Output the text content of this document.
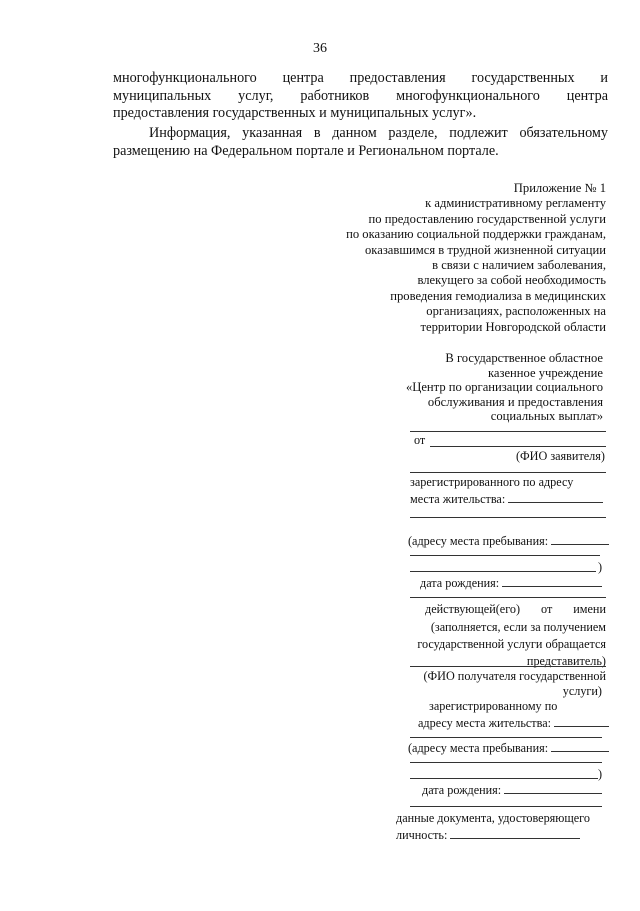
36
многофункционального центра предоставления государственных и
муниципальных услуг, работников многофункционального центра
предоставления государственных и муниципальных услуг».
Информация, указанная в данном разделе, подлежит обязательному
размещению на Федеральном портале и Региональном портале.
Приложение № 1
к административному регламенту
по предоставлению государственной услуги
по оказанию социальной поддержки гражданам,
оказавшимся в трудной жизненной ситуации
в связи с наличием заболевания,
влекущего за собой необходимость
проведения гемодиализа в медицинских
организациях, расположенных на
территории Новгородской области
В государственное областное
казенное учреждение
«Центр по организации социального
обслуживания и предоставления
социальных выплат»
от
(ФИО заявителя)
зарегистрированного по адресу
места жительства:
(адресу места пребывания:
)
дата рождения:
действующей(его) от имени
(заполняется, если за получением
государственной услуги обращается
представитель)
(ФИО получателя государственной
услуги)
зарегистрированному по
адресу места жительства:
(адресу места пребывания:
)
дата рождения:
данные документа, удостоверяющего
личность:
